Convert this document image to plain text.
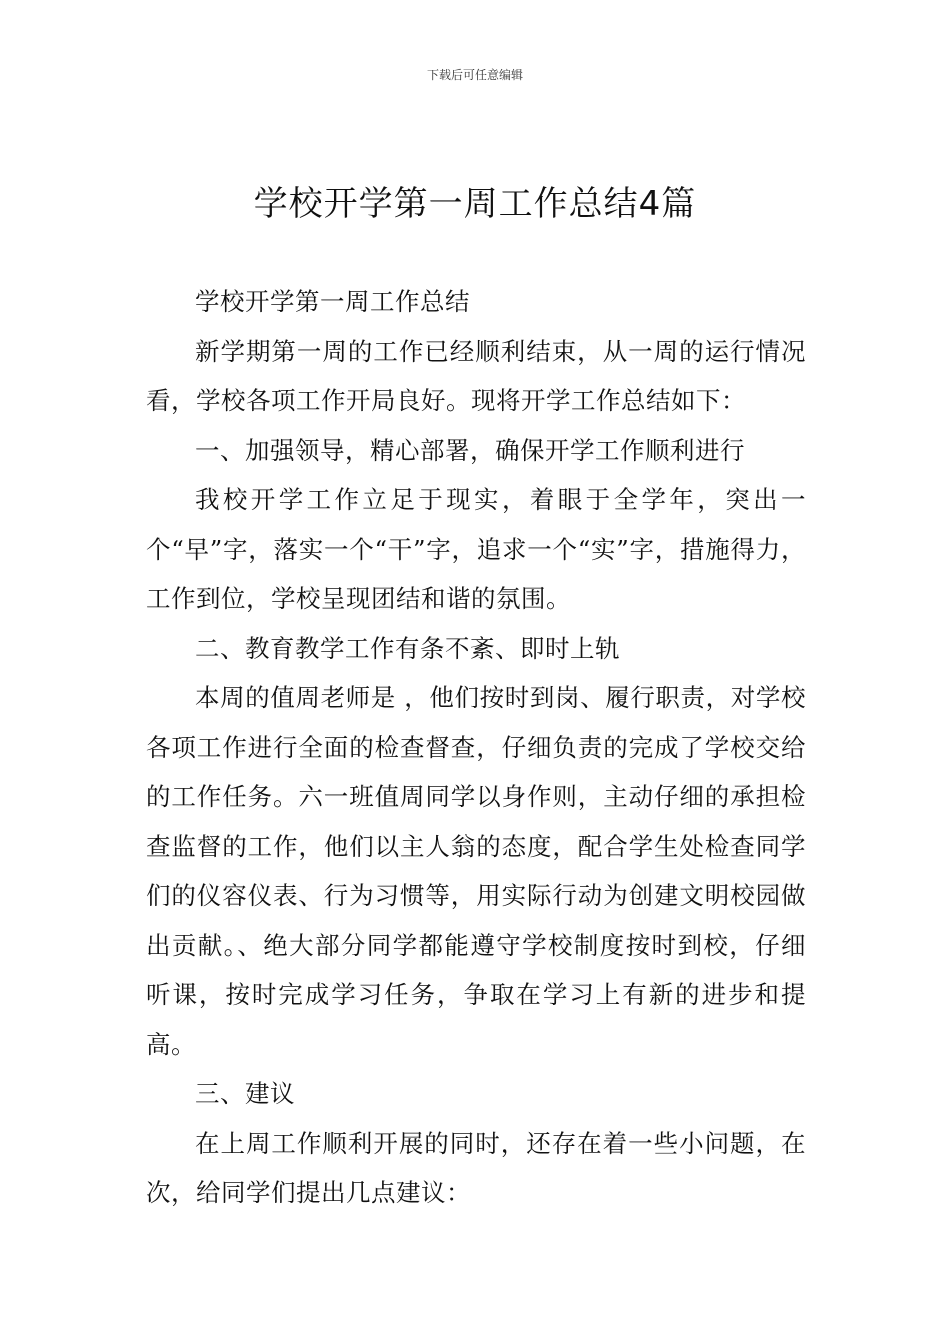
下载后可任意编辑
学校开学第一周工作总结4篇

学校开学第一周工作总结

新学期第一周的工作已经顺利结束，从一周的运行情况看，学校各项工作开局良好。现将开学工作总结如下：

一、加强领导，精心部署，确保开学工作顺利进行

我校开学工作立足于现实，着眼于全学年，突出一个“早”字，落实一个“干”字，追求一个“实”字，措施得力，工作到位，学校呈现团结和谐的氛围。

二、教育教学工作有条不紊、即时上轨

本周的值周老师是 ，他们按时到岗、履行职责，对学校各项工作进行全面的检查督查，仔细负责的完成了学校交给的工作任务。六一班值周同学以身作则，主动仔细的承担检查监督的工作，他们以主人翁的态度，配合学生处检查同学们的仪容仪表、行为习惯等，用实际行动为创建文明校园做出贡献。、绝大部分同学都能遵守学校制度按时到校，仔细听课，按时完成学习任务，争取在学习上有新的进步和提高。

三、建议

在上周工作顺利开展的同时，还存在着一些小问题，在次，给同学们提出几点建议：
